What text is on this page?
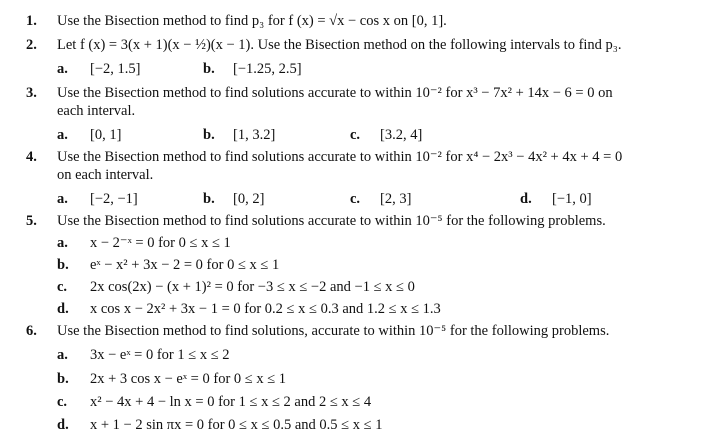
1. Use the Bisection method to find p₃ for f (x) = √x − cos x on [0, 1].
2. Let f (x) = 3(x + 1)(x − ½)(x − 1). Use the Bisection method on the following intervals to find p₃.
a. [−2, 1.5]	b. [−1.25, 2.5]
3. Use the Bisection method to find solutions accurate to within 10⁻² for x³ − 7x² + 14x − 6 = 0 on
each interval.
a. [0, 1]	b. [1, 3.2]	c. [3.2, 4]
4. Use the Bisection method to find solutions accurate to within 10⁻² for x⁴ − 2x³ − 4x² + 4x + 4 = 0
on each interval.
a. [−2, −1]	b. [0, 2]	c. [2, 3]	d. [−1, 0]
5. Use the Bisection method to find solutions accurate to within 10⁻⁵ for the following problems.
a. x − 2⁻ˣ = 0 for 0 ≤ x ≤ 1
b. eˣ − x² + 3x − 2 = 0 for 0 ≤ x ≤ 1
c. 2x cos(2x) − (x + 1)² = 0 for −3 ≤ x ≤ −2 and −1 ≤ x ≤ 0
d. x cos x − 2x² + 3x − 1 = 0 for 0.2 ≤ x ≤ 0.3 and 1.2 ≤ x ≤ 1.3
6. Use the Bisection method to find solutions, accurate to within 10⁻⁵ for the following problems.
a. 3x − eˣ = 0 for 1 ≤ x ≤ 2
b. 2x + 3 cos x − eˣ = 0 for 0 ≤ x ≤ 1
c. x² − 4x + 4 − ln x = 0 for 1 ≤ x ≤ 2 and 2 ≤ x ≤ 4
d. x + 1 − 2 sin πx = 0 for 0 ≤ x ≤ 0.5 and 0.5 ≤ x ≤ 1
